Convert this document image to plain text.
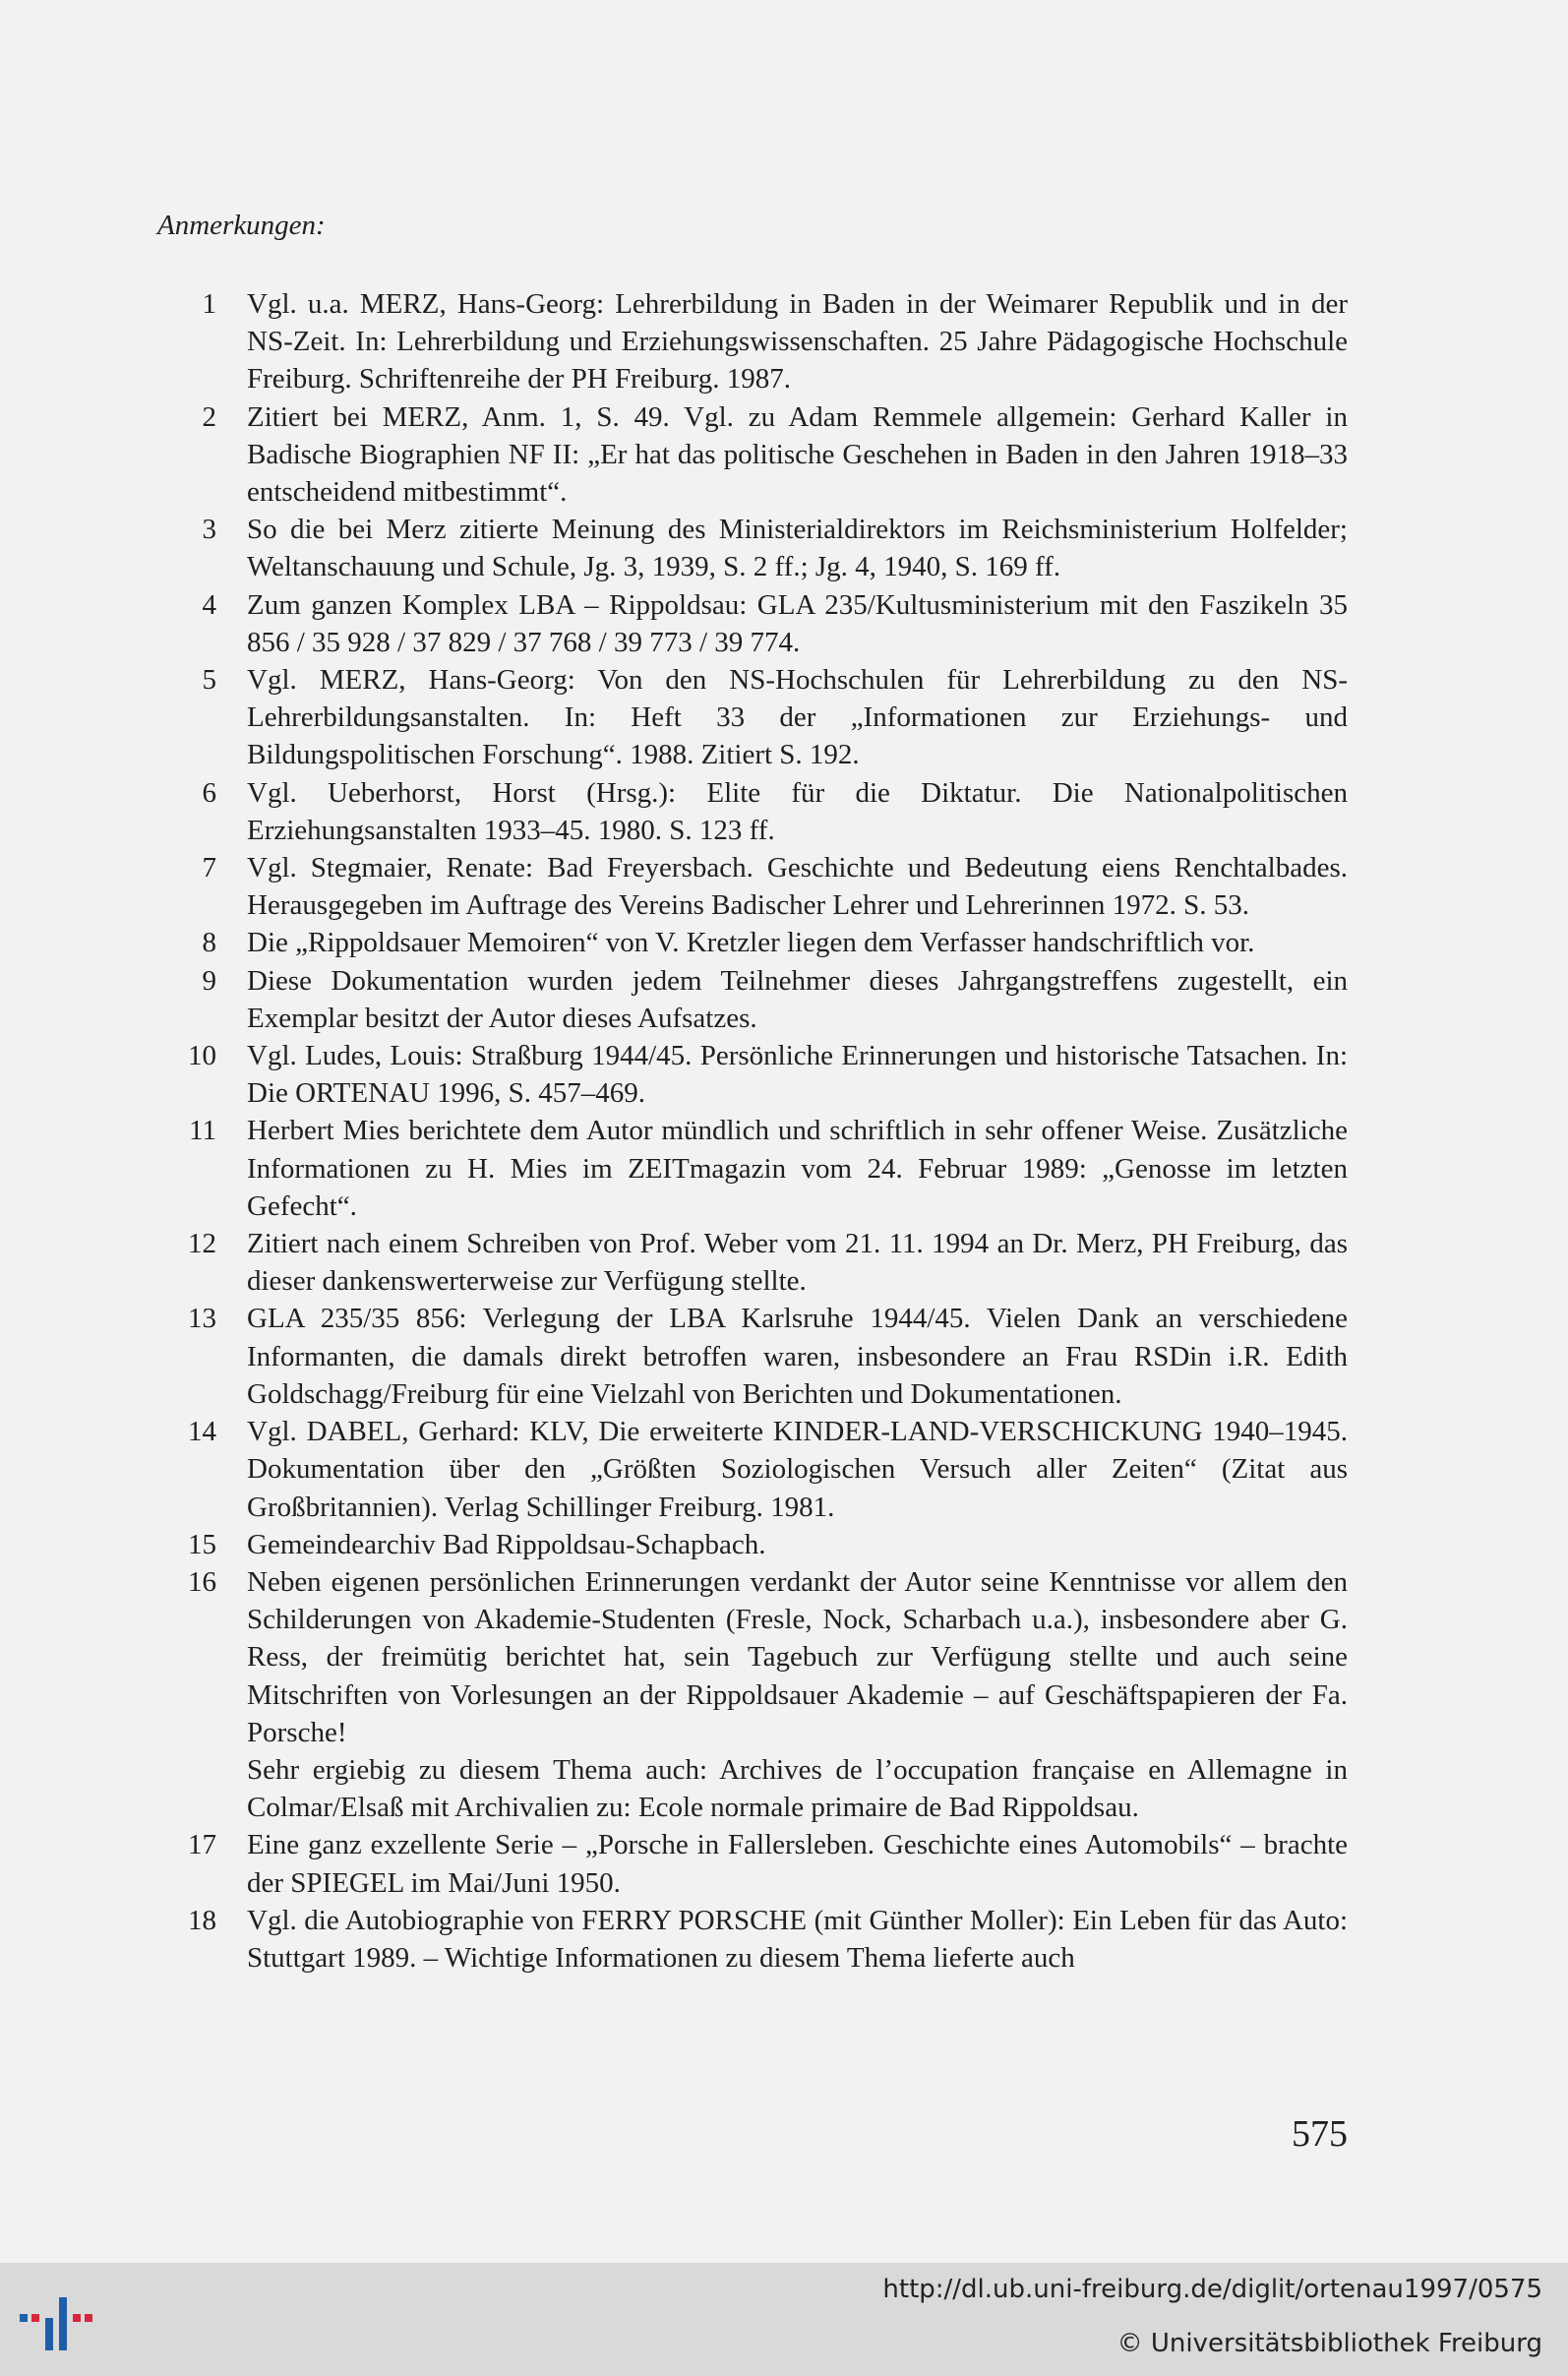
Anmerkungen:
1 Vgl. u.a. MERZ, Hans-Georg: Lehrerbildung in Baden in der Weimarer Republik und in der NS-Zeit. In: Lehrerbildung und Erziehungswissenschaften. 25 Jahre Pädagogische Hochschule Freiburg. Schriftenreihe der PH Freiburg. 1987.
2 Zitiert bei MERZ, Anm. 1, S. 49. Vgl. zu Adam Remmele allgemein: Gerhard Kaller in Badische Biographien NF II: „Er hat das politische Geschehen in Baden in den Jahren 1918–33 entscheidend mitbestimmt“.
3 So die bei Merz zitierte Meinung des Ministerialdirektors im Reichsministerium Holfelder; Weltanschauung und Schule, Jg. 3, 1939, S. 2 ff.; Jg. 4, 1940, S. 169 ff.
4 Zum ganzen Komplex LBA – Rippoldsau: GLA 235/Kultusministerium mit den Faszikeln 35 856 / 35 928 / 37 829 / 37 768 / 39 773 / 39 774.
5 Vgl. MERZ, Hans-Georg: Von den NS-Hochschulen für Lehrerbildung zu den NS-Lehrerbildungsanstalten. In: Heft 33 der „Informationen zur Erziehungs- und Bildungspolitischen Forschung“. 1988. Zitiert S. 192.
6 Vgl. Ueberhorst, Horst (Hrsg.): Elite für die Diktatur. Die Nationalpolitischen Erziehungsanstalten 1933–45. 1980. S. 123 ff.
7 Vgl. Stegmaier, Renate: Bad Freyersbach. Geschichte und Bedeutung eiens Renchtalbades. Herausgegeben im Auftrage des Vereins Badischer Lehrer und Lehrerinnen 1972. S. 53.
8 Die „Rippoldsauer Memoiren“ von V. Kretzler liegen dem Verfasser handschriftlich vor.
9 Diese Dokumentation wurden jedem Teilnehmer dieses Jahrgangstreffens zugestellt, ein Exemplar besitzt der Autor dieses Aufsatzes.
10 Vgl. Ludes, Louis: Straßburg 1944/45. Persönliche Erinnerungen und historische Tatsachen. In: Die ORTENAU 1996, S. 457–469.
11 Herbert Mies berichtete dem Autor mündlich und schriftlich in sehr offener Weise. Zusätzliche Informationen zu H. Mies im ZEITmagazin vom 24. Februar 1989: „Genosse im letzten Gefecht“.
12 Zitiert nach einem Schreiben von Prof. Weber vom 21. 11. 1994 an Dr. Merz, PH Freiburg, das dieser dankenswerterweise zur Verfügung stellte.
13 GLA 235/35 856: Verlegung der LBA Karlsruhe 1944/45. Vielen Dank an verschiedene Informanten, die damals direkt betroffen waren, insbesondere an Frau RSDin i.R. Edith Goldschagg/Freiburg für eine Vielzahl von Berichten und Dokumentationen.
14 Vgl. DABEL, Gerhard: KLV, Die erweiterte KINDER-LAND-VERSCHICKUNG 1940–1945. Dokumentation über den „Größten Soziologischen Versuch aller Zeiten“ (Zitat aus Großbritannien). Verlag Schillinger Freiburg. 1981.
15 Gemeindearchiv Bad Rippoldsau-Schapbach.
16 Neben eigenen persönlichen Erinnerungen verdankt der Autor seine Kenntnisse vor allem den Schilderungen von Akademie-Studenten (Fresle, Nock, Scharbach u.a.), insbesondere aber G. Ress, der freimütig berichtet hat, sein Tagebuch zur Verfügung stellte und auch seine Mitschriften von Vorlesungen an der Rippoldsauer Akademie – auf Geschäftspapieren der Fa. Porsche!
Sehr ergiebig zu diesem Thema auch: Archives de l’occupation française en Allemagne in Colmar/Elsaß mit Archivalien zu: Ecole normale primaire de Bad Rippoldsau.
17 Eine ganz exzellente Serie – „Porsche in Fallersleben. Geschichte eines Automobils“ – brachte der SPIEGEL im Mai/Juni 1950.
18 Vgl. die Autobiographie von FERRY PORSCHE (mit Günther Moller): Ein Leben für das Auto: Stuttgart 1989. – Wichtige Informationen zu diesem Thema lieferte auch
575
http://dl.ub.uni-freiburg.de/diglit/ortenau1997/0575
© Universitätsbibliothek Freiburg
